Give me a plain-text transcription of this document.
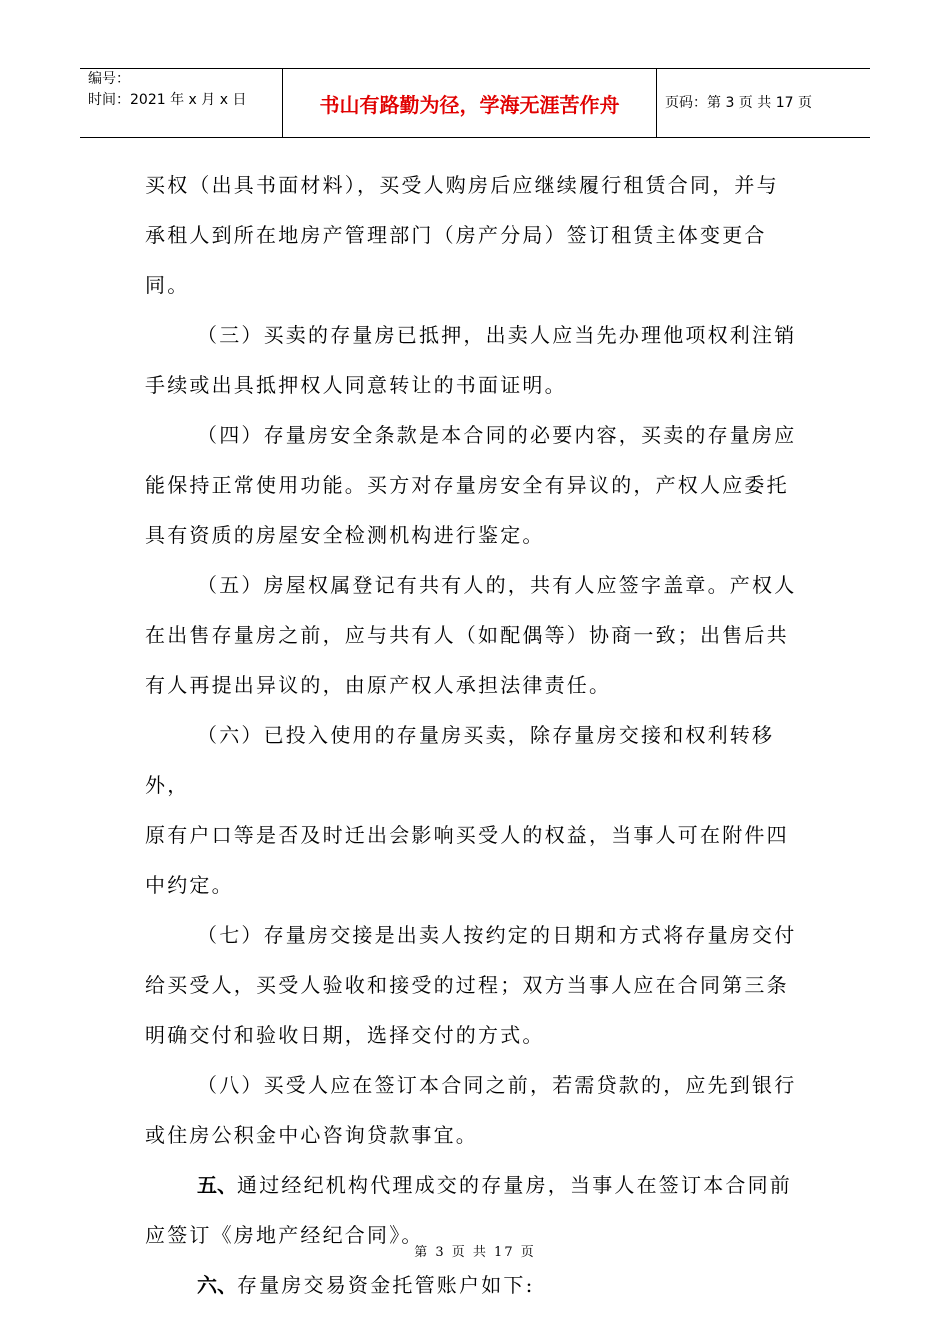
编号：
时间：2021 年 x 月 x 日	书山有路勤为径，学海无涯苦作舟	页码：第 3 页 共 17 页

买权（出具书面材料），买受人购房后应继续履行租赁合同，并与

承租人到所在地房产管理部门（房产分局）签订租赁主体变更合同。

（三）买卖的存量房已抵押，出卖人应当先办理他项权利注销

手续或出具抵押权人同意转让的书面证明。

（四）存量房安全条款是本合同的必要内容，买卖的存量房应

能保持正常使用功能。买方对存量房安全有异议的，产权人应委托

具有资质的房屋安全检测机构进行鉴定。

（五）房屋权属登记有共有人的，共有人应签字盖章。产权人

在出售存量房之前，应与共有人（如配偶等）协商一致；出售后共

有人再提出异议的，由原产权人承担法律责任。

（六）已投入使用的存量房买卖，除存量房交接和权利转移外，

原有户口等是否及时迁出会影响买受人的权益，当事人可在附件四

中约定。

（七）存量房交接是出卖人按约定的日期和方式将存量房交付

给买受人，买受人验收和接受的过程；双方当事人应在合同第三条

明确交付和验收日期，选择交付的方式。

（八）买受人应在签订本合同之前，若需贷款的，应先到银行

或住房公积金中心咨询贷款事宜。

五、通过经纪机构代理成交的存量房，当事人在签订本合同前

应签订《房地产经纪合同》。

六、存量房交易资金托管账户如下:

第 3 页 共 17 页
